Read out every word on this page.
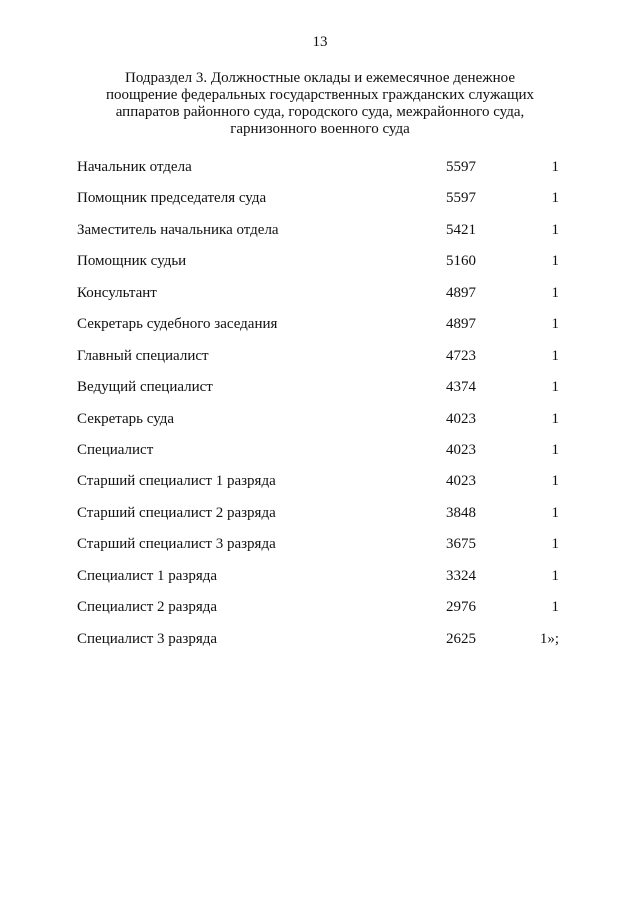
13
Подраздел 3. Должностные оклады и ежемесячное денежное
поощрение федеральных государственных гражданских служащих
аппаратов районного суда, городского суда, межрайонного суда,
гарнизонного военного суда
Начальник отдела	5597	1
Помощник председателя суда	5597	1
Заместитель начальника отдела	5421	1
Помощник судьи	5160	1
Консультант	4897	1
Секретарь судебного заседания	4897	1
Главный специалист	4723	1
Ведущий специалист	4374	1
Секретарь суда	4023	1
Специалист	4023	1
Старший специалист 1 разряда	4023	1
Старший специалист 2 разряда	3848	1
Старший специалист 3 разряда	3675	1
Специалист 1 разряда	3324	1
Специалист 2 разряда	2976	1
Специалист 3 разряда	2625	1»;
